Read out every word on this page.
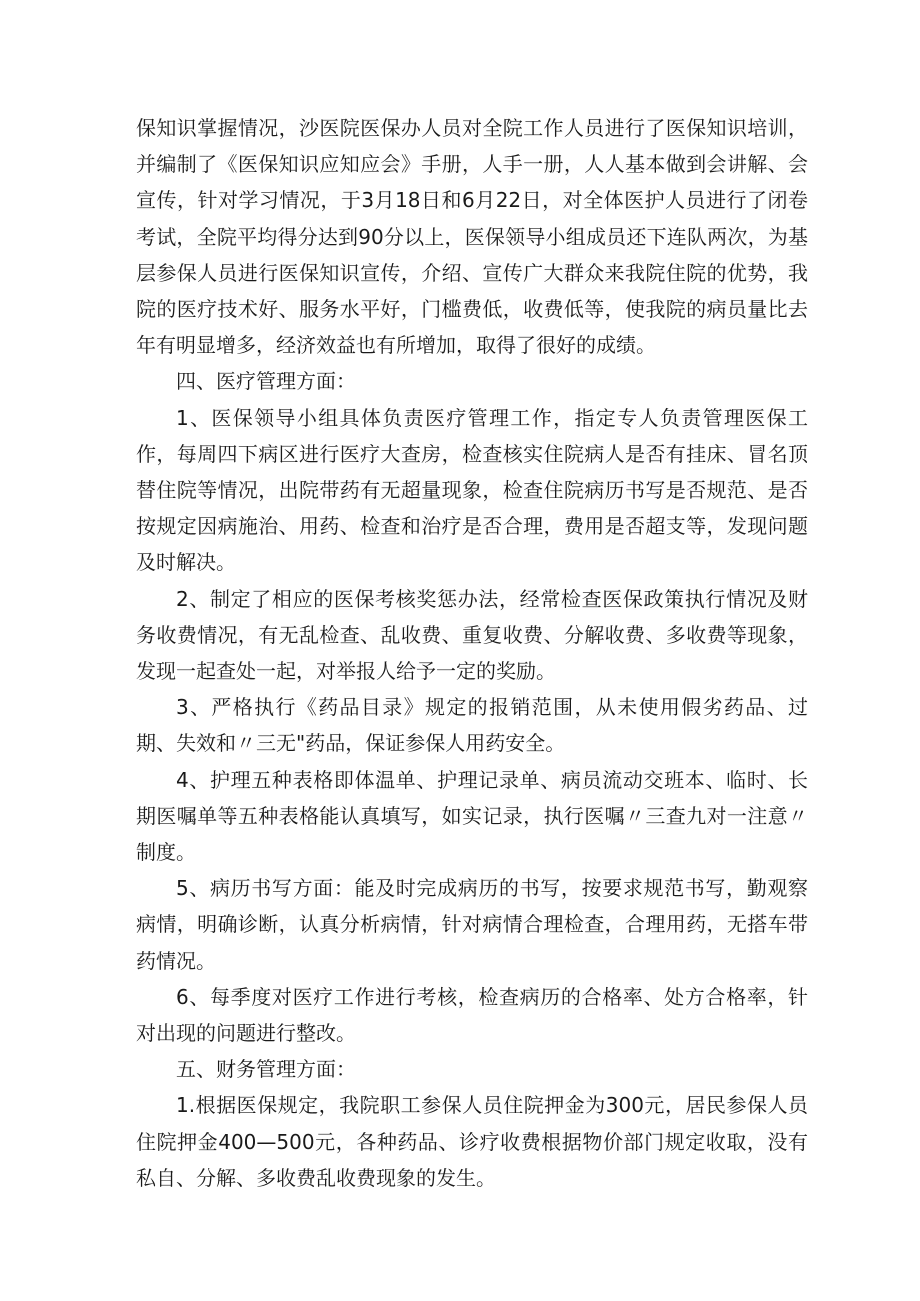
保知识掌握情况，沙医院医保办人员对全院工作人员进行了医保知识培训，并编制了《医保知识应知应会》手册，人手一册，人人基本做到会讲解、会宣传，针对学习情况，于3月18日和6月22日，对全体医护人员进行了闭卷考试，全院平均得分达到90分以上，医保领导小组成员还下连队两次，为基层参保人员进行医保知识宣传，介绍、宣传广大群众来我院住院的优势，我院的医疗技术好、服务水平好，门槛费低，收费低等，使我院的病员量比去年有明显增多，经济效益也有所增加，取得了很好的成绩。

四、医疗管理方面：

1、医保领导小组具体负责医疗管理工作，指定专人负责管理医保工作，每周四下病区进行医疗大查房，检查核实住院病人是否有挂床、冒名顶替住院等情况，出院带药有无超量现象，检查住院病历书写是否规范、是否按规定因病施治、用药、检查和治疗是否合理，费用是否超支等，发现问题及时解决。

2、制定了相应的医保考核奖惩办法，经常检查医保政策执行情况及财务收费情况，有无乱检查、乱收费、重复收费、分解收费、多收费等现象，发现一起查处一起，对举报人给予一定的奖励。

3、严格执行《药品目录》规定的报销范围，从未使用假劣药品、过期、失效和〃三无"药品，保证参保人用药安全。

4、护理五种表格即体温单、护理记录单、病员流动交班本、临时、长期医嘱单等五种表格能认真填写，如实记录，执行医嘱〃三查九对一注意〃制度。

5、病历书写方面：能及时完成病历的书写，按要求规范书写，勤观察病情，明确诊断，认真分析病情，针对病情合理检查，合理用药，无搭车带药情况。

6、每季度对医疗工作进行考核，检查病历的合格率、处方合格率，针对出现的问题进行整改。

五、财务管理方面：

1.根据医保规定，我院职工参保人员住院押金为300元，居民参保人员住院押金400—500元，各种药品、诊疗收费根据物价部门规定收取，没有私自、分解、多收费乱收费现象的发生。
